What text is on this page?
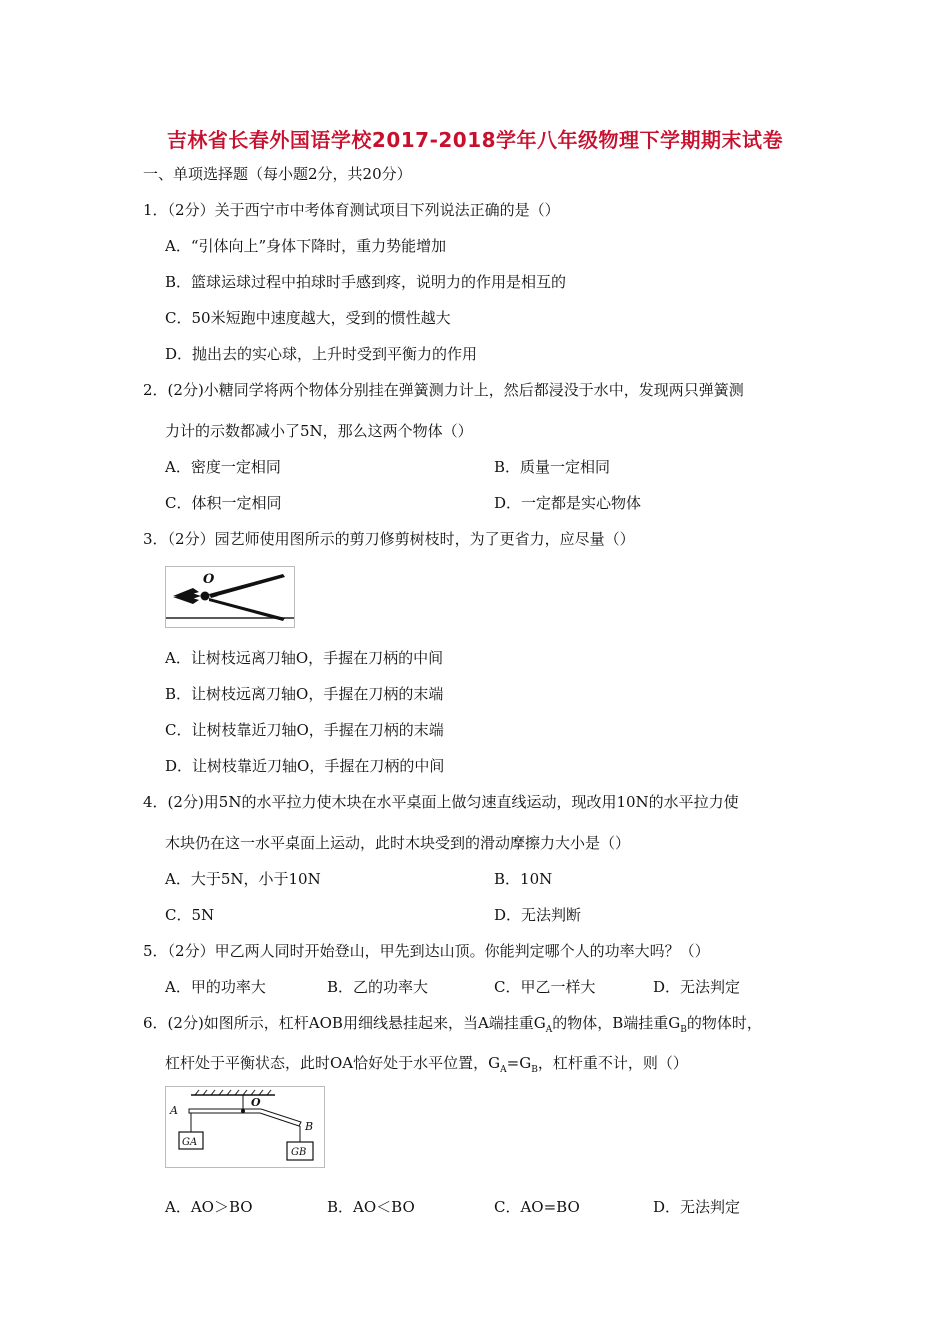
吉林省长春外国语学校2017-2018学年八年级物理下学期期末试卷
一、单项选择题（每小题2分，共20分）
1．（2分）关于西宁市中考体育测试项目下列说法正确的是（）
A．“引体向上”身体下降时，重力势能增加
B．篮球运球过程中拍球时手感到疼，说明力的作用是相互的
C．50米短跑中速度越大，受到的惯性越大
D．抛出去的实心球，上升时受到平衡力的作用
2．(2分)小糖同学将两个物体分别挂在弹簧测力计上，然后都浸没于水中，发现两只弹簧测
力计的示数都减小了5N，那么这两个物体（）
A．密度一定相同	B．质量一定相同
C．体积一定相同	D．一定都是实心物体
3．（2分）园艺师使用图所示的剪刀修剪树枝时，为了更省力，应尽量（）
O
A．让树枝远离刀轴O，手握在刀柄的中间
B．让树枝远离刀轴O，手握在刀柄的末端
C．让树枝靠近刀轴O，手握在刀柄的末端
D．让树枝靠近刀轴O，手握在刀柄的中间
4．(2分)用5N的水平拉力使木块在水平桌面上做匀速直线运动，现改用10N的水平拉力使
木块仍在这一水平桌面上运动，此时木块受到的滑动摩擦力大小是（）
A．大于5N，小于10N	B．10N
C．5N	D．无法判断
5．（2分）甲乙两人同时开始登山，甲先到达山顶。你能判定哪个人的功率大吗？（）
A．甲的功率大	B．乙的功率大	C．甲乙一样大	D．无法判定
6．(2分)如图所示，杠杆AOB用细线悬挂起来，当A端挂重$G_A$的物体，B端挂重$G_B$的物体时，
杠杆处于平衡状态，此时OA恰好处于水平位置，$G_A=G_B$，杠杆重不计，则（）
GA
GB
A
O
B
A．AO＞BO	B．AO＜BO	C．AO=BO	D．无法判定
